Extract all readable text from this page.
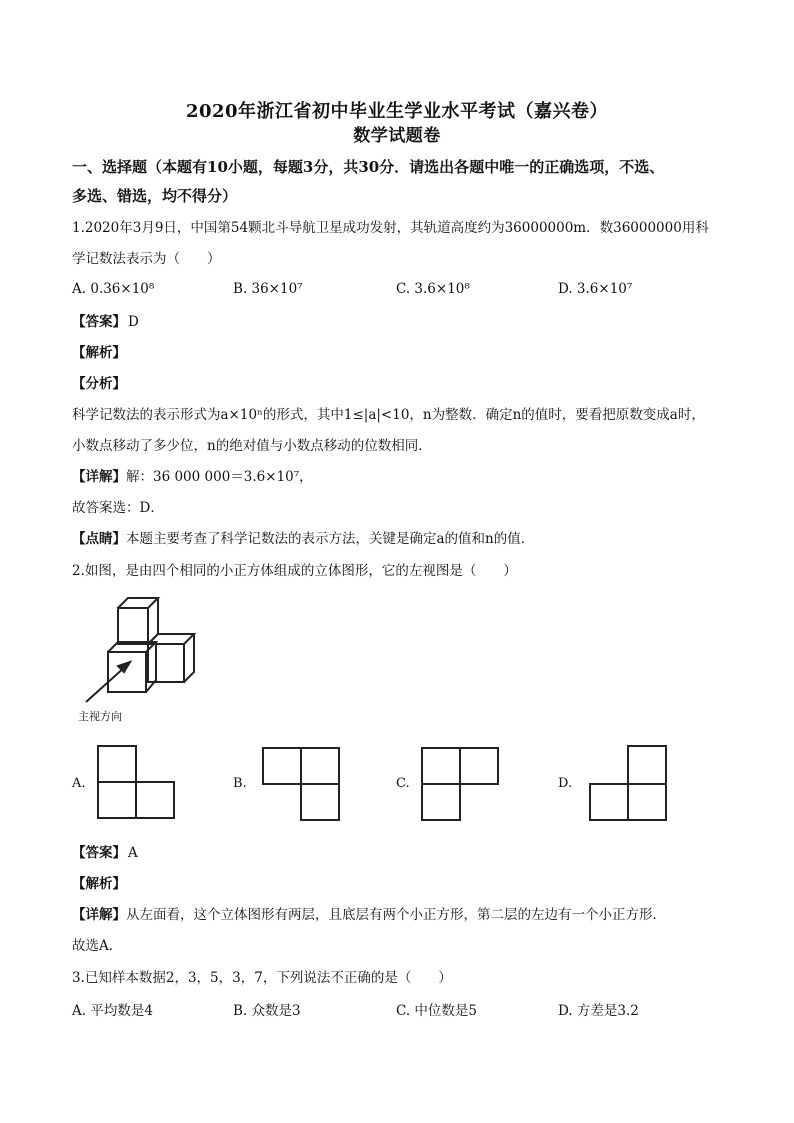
2020年浙江省初中毕业生学业水平考试（嘉兴卷）
数学试题卷
一、选择题（本题有10小题，每题3分，共30分．请选出各题中唯一的正确选项，不选、
多选、错选，均不得分）
1.2020年3月9日，中国第54颗北斗导航卫星成功发射，其轨道高度约为36000000m．数36000000用科
学记数法表示为（　　）
A. 0.36×10⁸	B. 36×10⁷	C. 3.6×10⁸	D. 3.6×10⁷
【答案】 D
【解析】
【分析】
科学记数法的表示形式为a×10ⁿ的形式，其中1≤|a|<10，n为整数．确定n的值时，要看把原数变成a时，
小数点移动了多少位，n的绝对值与小数点移动的位数相同．
【详解】解：36 000 000＝3.6×10⁷，
故答案选：D．
【点睛】本题主要考查了科学记数法的表示方法，关键是确定a的值和n的值．
2.如图，是由四个相同的小正方体组成的立体图形，它的左视图是（　　）
主视方向
A.	B.	C.	D.
【答案】 A
【解析】
【详解】从左面看，这个立体图形有两层，且底层有两个小正方形，第二层的左边有一个小正方形．
故选A．
3.已知样本数据2，3，5，3，7，下列说法不正确的是（　　）
A. 平均数是4	B. 众数是3	C. 中位数是5	D. 方差是3.2
